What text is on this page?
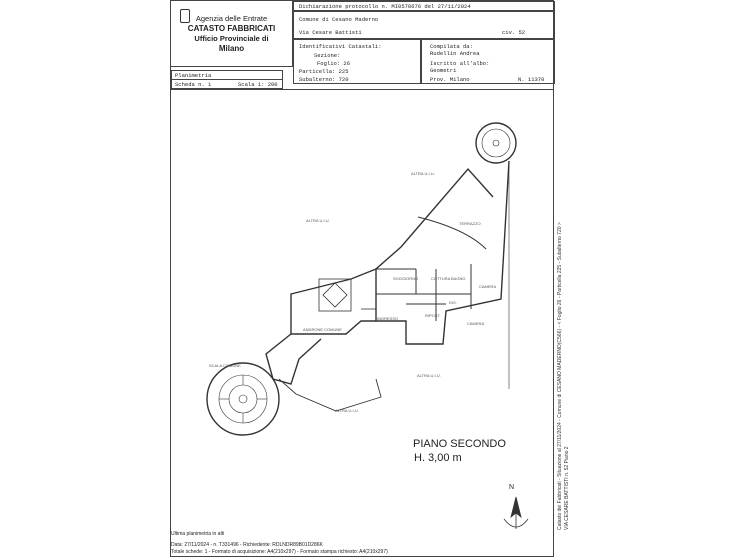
Agenzia delle Entrate
CATASTO FABBRICATI
Ufficio Provinciale di
Milano
Dichiarazione protocollo n. MI0570676 del 27/11/2024
Comune di Cesano Maderno
Via Cesare Battisti	civ. 52
Identificativi Catastali:
Sezione:
Foglio: 26
Particella: 225
Subalterno: 720
Compilata da:
Rudellin Andrea
Iscritto all'albo:
Geometri
Prov. Milano	N. 11370
Planimetria
Scheda n. 1	Scala 1: 200
ALTRA U.I.U.
ALTRA U.I.U.
TERRAZZO
SOGGIORNO	COTTURA BAGNO
CAMERA
DIS.
RIPOST.
CAMERA
INGRESSO
ANDRONE COMUNE
SCALA COMUNE
ALTRA U.I.U.
ALTRA U.I.U.
PIANO SECONDO
H. 3,00 m
N
Ultima planimetria in atti
Data: 27/11/2024 - n. T331496 - Richiedente: RDLNDR89B01D286K
Totale schede: 1 - Formato di acquisizione: A4(210x297) - Formato stampa richiesto: A4(210x297)
Catasto dei Fabbricati - Situazione al 27/11/2024 - Comune di CESANO MADERNO(C566) - < Foglio 26 - Particella 225 - Subalterno 720 > VIA CESARE BATTISTI n. 52 Piano 2
